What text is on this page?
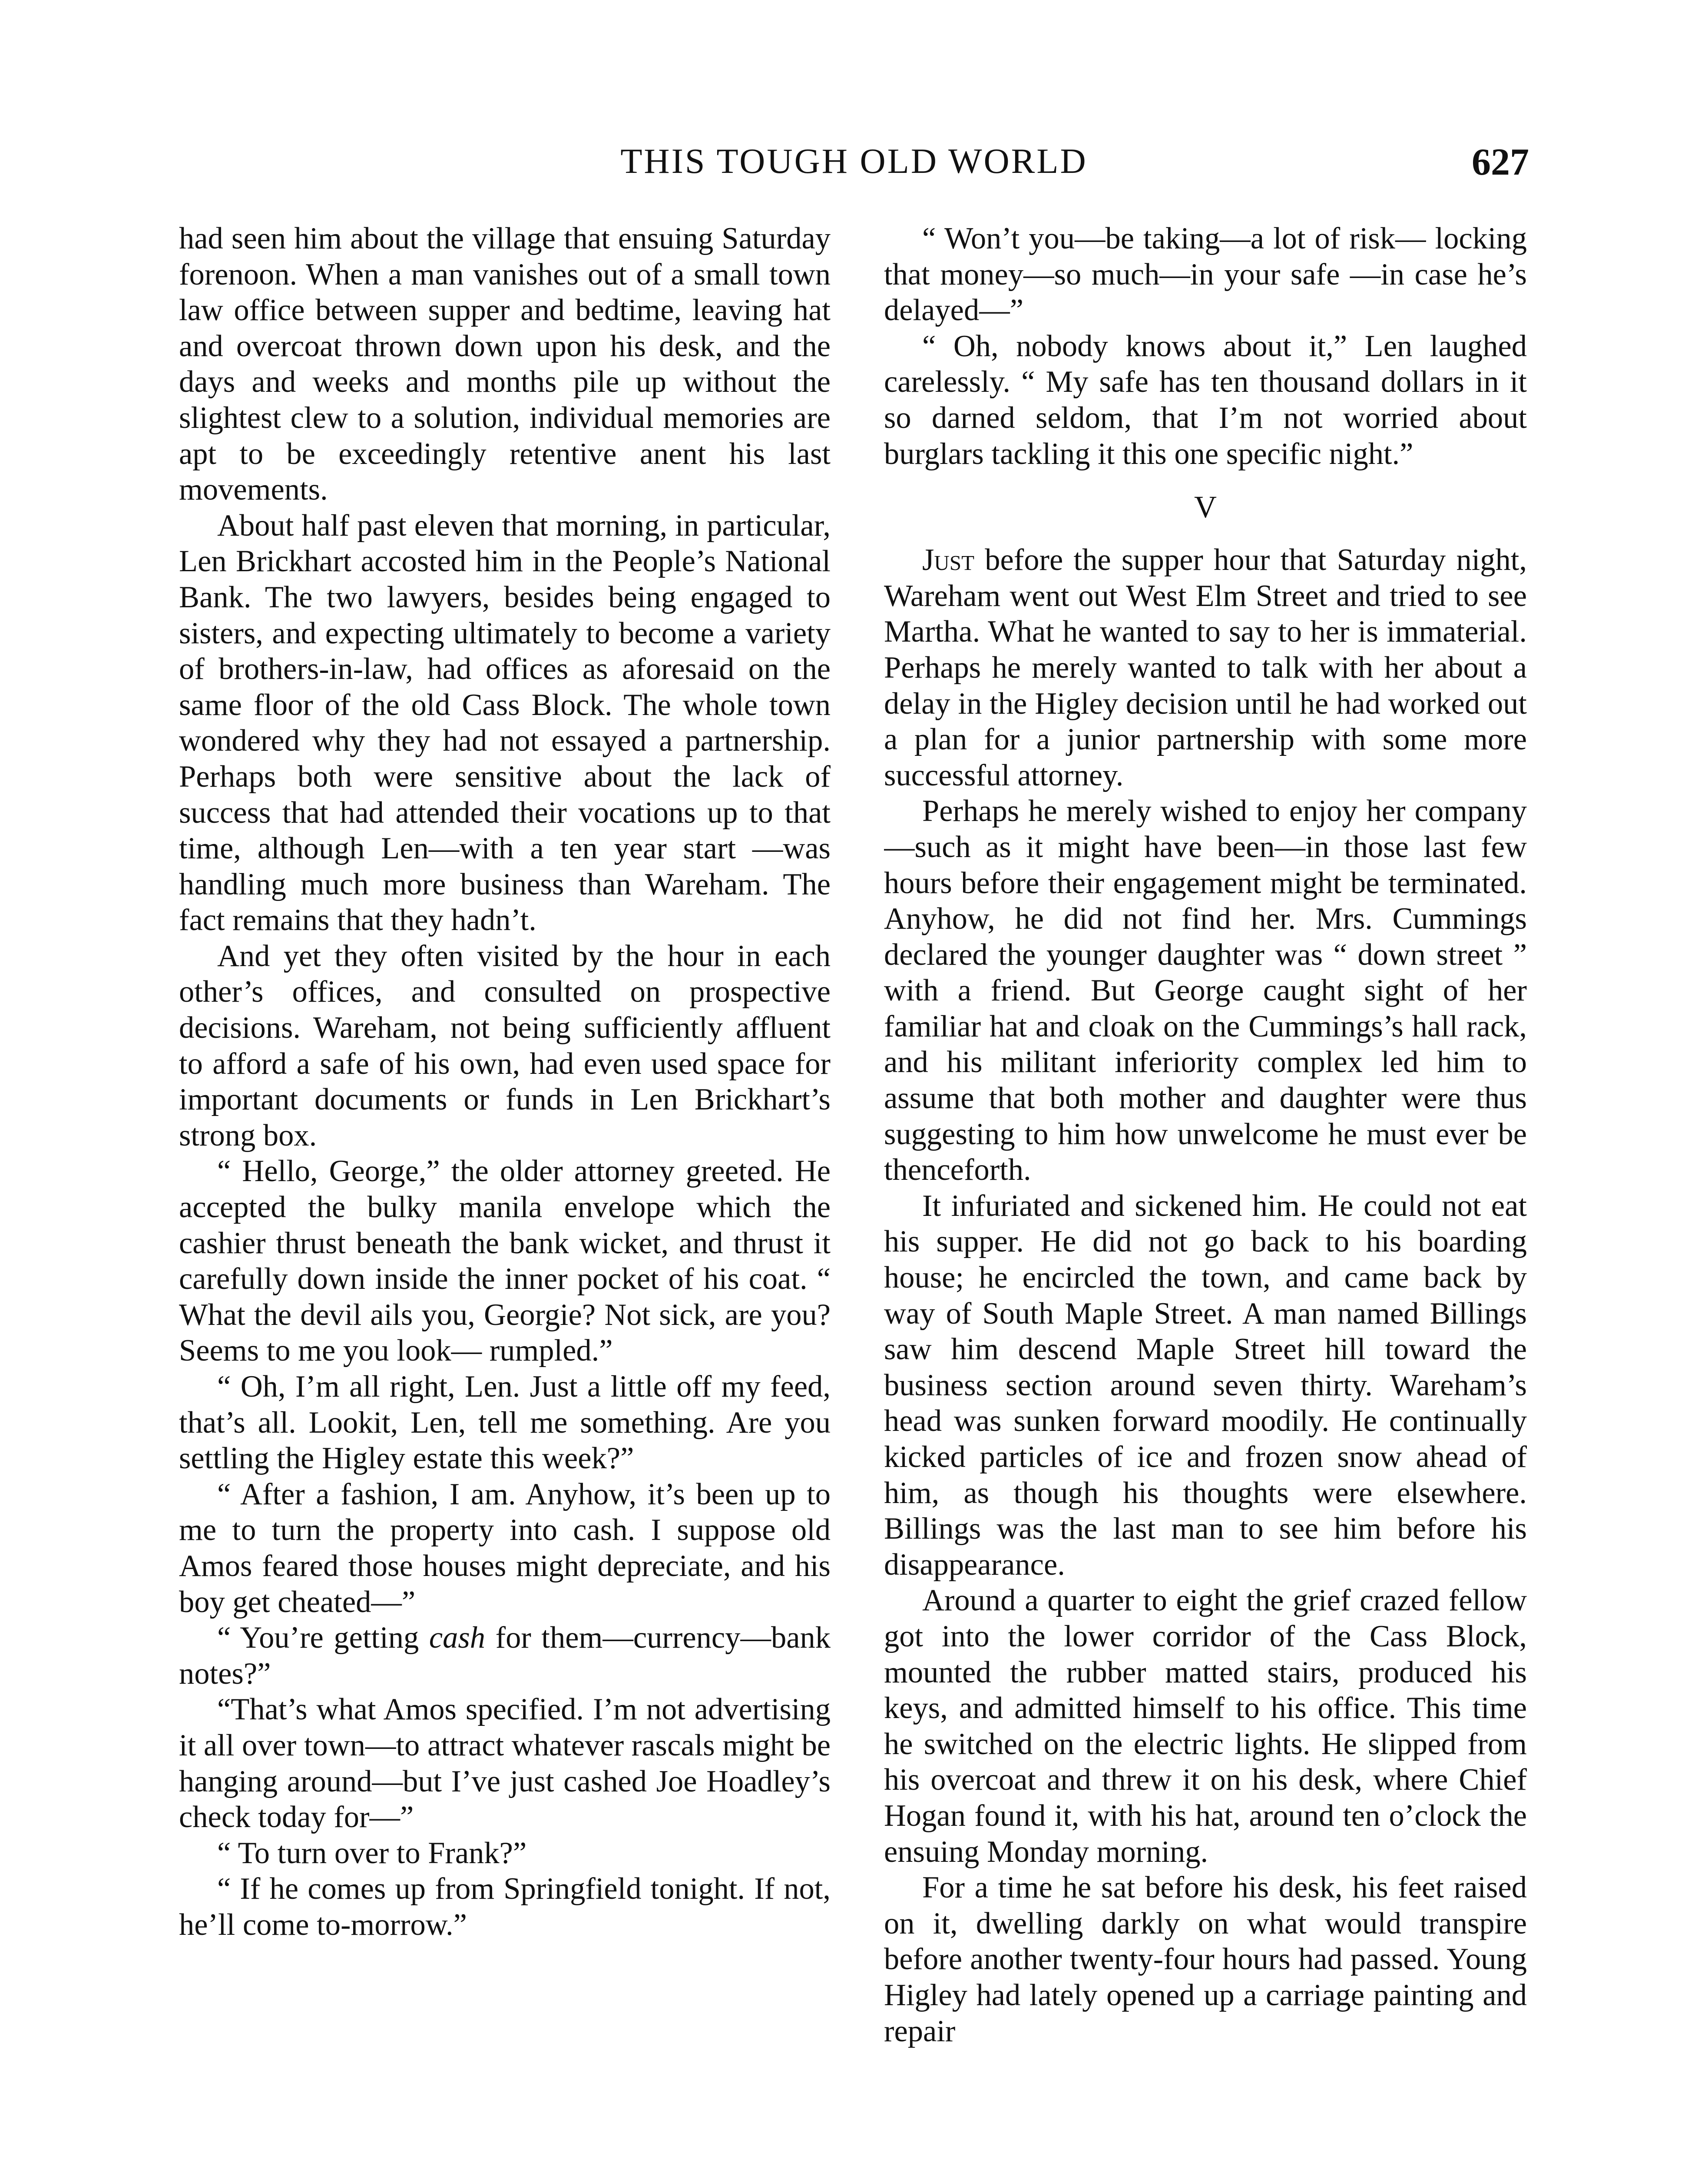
THIS TOUGH OLD WORLD	627

had seen him about the village that ensuing Saturday forenoon. When a man vanishes out of a small town law office between supper and bedtime, leaving hat and overcoat thrown down upon his desk, and the days and weeks and months pile up without the slightest clew to a solution, individual memories are apt to be exceedingly retentive anent his last movements.

About half past eleven that morning, in particular, Len Brickhart accosted him in the People’s National Bank. The two lawyers, besides being engaged to sisters, and expecting ultimately to become a variety of brothers-in-law, had offices as aforesaid on the same floor of the old Cass Block. The whole town wondered why they had not essayed a partnership. Perhaps both were sensitive about the lack of success that had attended their vocations up to that time, although Len—with a ten year start —was handling much more business than Wareham. The fact remains that they hadn’t.

And yet they often visited by the hour in each other’s offices, and consulted on prospective decisions. Wareham, not being sufficiently affluent to afford a safe of his own, had even used space for important documents or funds in Len Brickhart’s strong box.

“ Hello, George,” the older attorney greeted. He accepted the bulky manila envelope which the cashier thrust beneath the bank wicket, and thrust it carefully down inside the inner pocket of his coat. “ What the devil ails you, Georgie? Not sick, are you? Seems to me you look— rumpled.”

“ Oh, I’m all right, Len. Just a little off my feed, that’s all. Lookit, Len, tell me something. Are you settling the Higley estate this week?”

“ After a fashion, I am. Anyhow, it’s been up to me to turn the property into cash. I suppose old Amos feared those houses might depreciate, and his boy get cheated—”

“ You’re getting cash for them—currency—bank notes?”

“That’s what Amos specified. I’m not advertising it all over town—to attract whatever rascals might be hanging around—but I’ve just cashed Joe Hoadley’s check today for—”

“ To turn over to Frank?”

“ If he comes up from Springfield tonight. If not, he’ll come to-morrow.”

“ Won’t you—be taking—a lot of risk— locking that money—so much—in your safe —in case he’s delayed—”

“ Oh, nobody knows about it,” Len laughed carelessly. “ My safe has ten thousand dollars in it so darned seldom, that I’m not worried about burglars tackling it this one specific night.”

V

Just before the supper hour that Saturday night, Wareham went out West Elm Street and tried to see Martha. What he wanted to say to her is immaterial. Perhaps he merely wanted to talk with her about a delay in the Higley decision until he had worked out a plan for a junior partnership with some more successful attorney.

Perhaps he merely wished to enjoy her company—such as it might have been—in those last few hours before their engagement might be terminated. Anyhow, he did not find her. Mrs. Cummings declared the younger daughter was “ down street ” with a friend. But George caught sight of her familiar hat and cloak on the Cummings’s hall rack, and his militant inferiority complex led him to assume that both mother and daughter were thus suggesting to him how unwelcome he must ever be thenceforth.

It infuriated and sickened him. He could not eat his supper. He did not go back to his boarding house; he encircled the town, and came back by way of South Maple Street. A man named Billings saw him descend Maple Street hill toward the business section around seven thirty. Wareham’s head was sunken forward moodily. He continually kicked particles of ice and frozen snow ahead of him, as though his thoughts were elsewhere. Billings was the last man to see him before his disappearance.

Around a quarter to eight the grief crazed fellow got into the lower corridor of the Cass Block, mounted the rubber matted stairs, produced his keys, and admitted himself to his office. This time he switched on the electric lights. He slipped from his overcoat and threw it on his desk, where Chief Hogan found it, with his hat, around ten o’clock the ensuing Monday morning.

For a time he sat before his desk, his feet raised on it, dwelling darkly on what would transpire before another twenty-four hours had passed. Young Higley had lately opened up a carriage painting and repair
